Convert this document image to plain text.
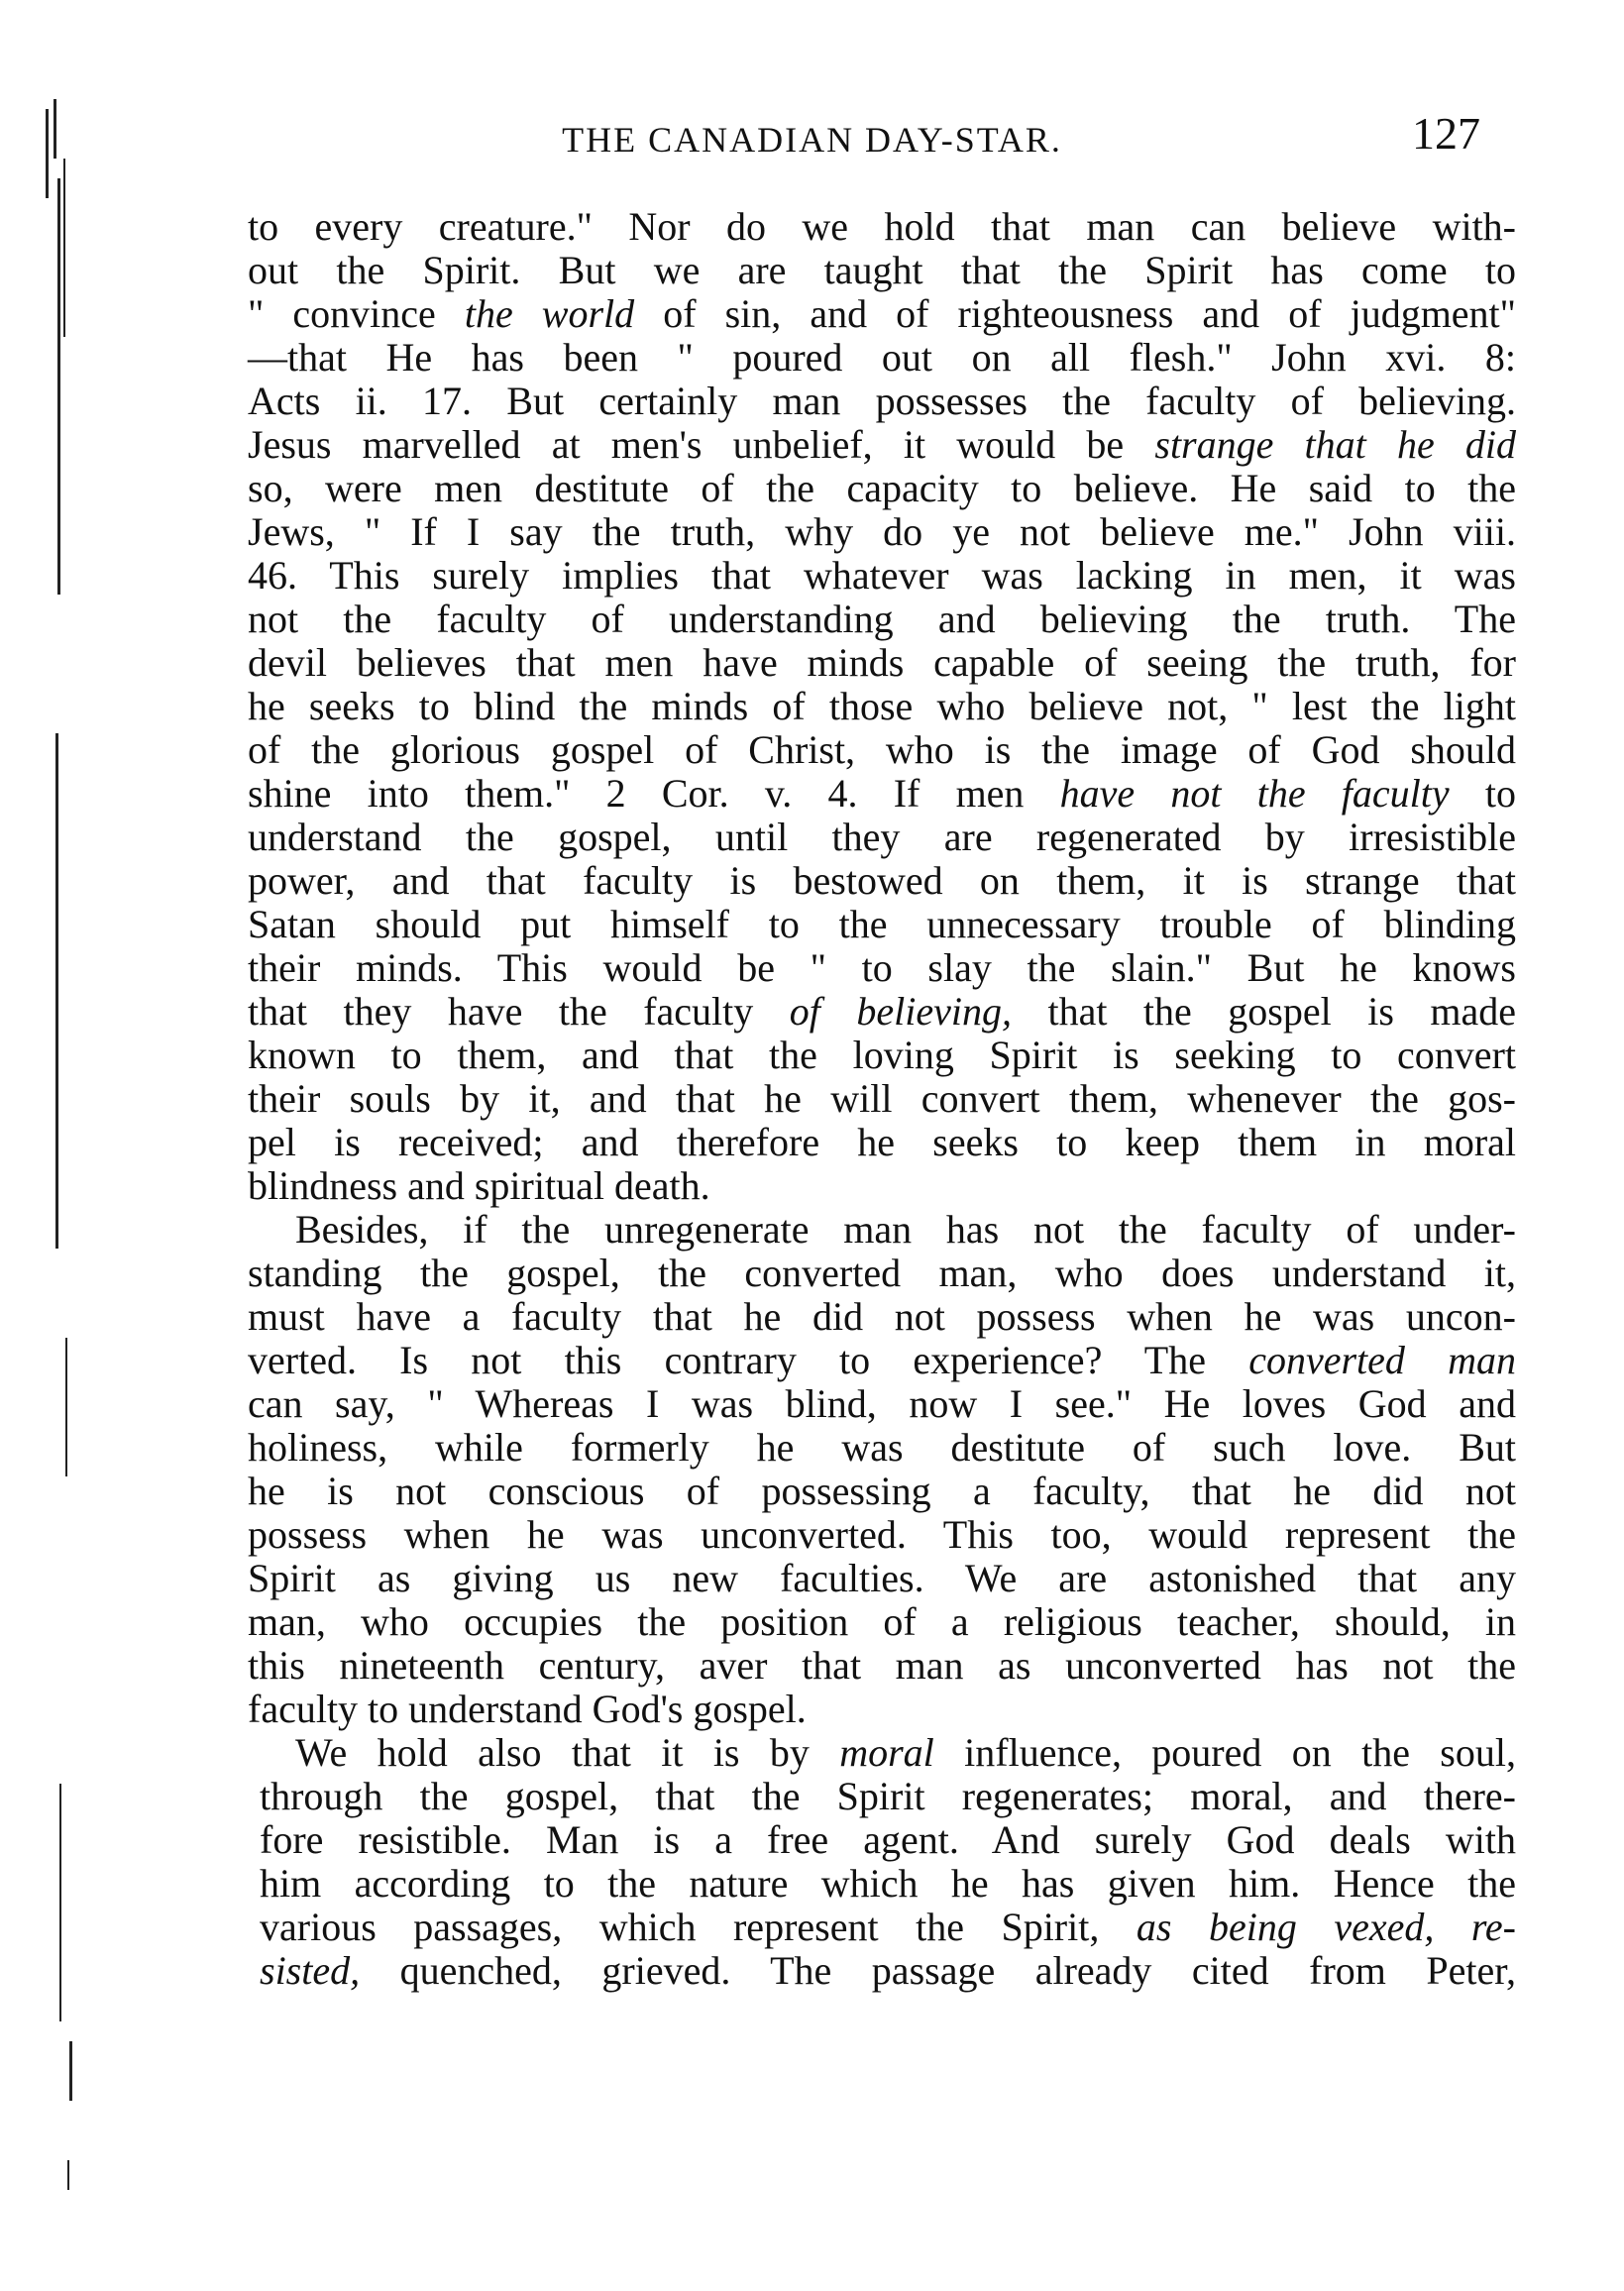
THE CANADIAN DAY-STAR.	127
to every creature." Nor do we hold that man can believe with-
out the Spirit. But we are taught that the Spirit has come to
" convince the world of sin, and of righteousness and of judgment"
—that He has been " poured out on all flesh." John xvi. 8:
Acts ii. 17. But certainly man possesses the faculty of believing.
Jesus marvelled at men's unbelief, it would be strange that he did
so, were men destitute of the capacity to believe. He said to the
Jews, " If I say the truth, why do ye not believe me." John viii.
46. This surely implies that whatever was lacking in men, it was
not the faculty of understanding and believing the truth. The
devil believes that men have minds capable of seeing the truth, for
he seeks to blind the minds of those who believe not, " lest the light
of the glorious gospel of Christ, who is the image of God should
shine into them." 2 Cor. v. 4. If men have not the faculty to
understand the gospel, until they are regenerated by irresistible
power, and that faculty is bestowed on them, it is strange that
Satan should put himself to the unnecessary trouble of blinding
their minds. This would be " to slay the slain." But he knows
that they have the faculty of believing, that the gospel is made
known to them, and that the loving Spirit is seeking to convert
their souls by it, and that he will convert them, whenever the gos-
pel is received; and therefore he seeks to keep them in moral
blindness and spiritual death.
Besides, if the unregenerate man has not the faculty of under-
standing the gospel, the converted man, who does understand it,
must have a faculty that he did not possess when he was uncon-
verted. Is not this contrary to experience? The converted man
can say, " Whereas I was blind, now I see." He loves God and
holiness, while formerly he was destitute of such love. But
he is not conscious of possessing a faculty, that he did not
possess when he was unconverted. This too, would represent the
Spirit as giving us new faculties. We are astonished that any
man, who occupies the position of a religious teacher, should, in
this nineteenth century, aver that man as unconverted has not the
faculty to understand God's gospel.
We hold also that it is by moral influence, poured on the soul,
through the gospel, that the Spirit regenerates; moral, and there-
fore resistible. Man is a free agent. And surely God deals with
him according to the nature which he has given him. Hence the
various passages, which represent the Spirit, as being vexed, re-
sisted, quenched, grieved. The passage already cited from Peter,
